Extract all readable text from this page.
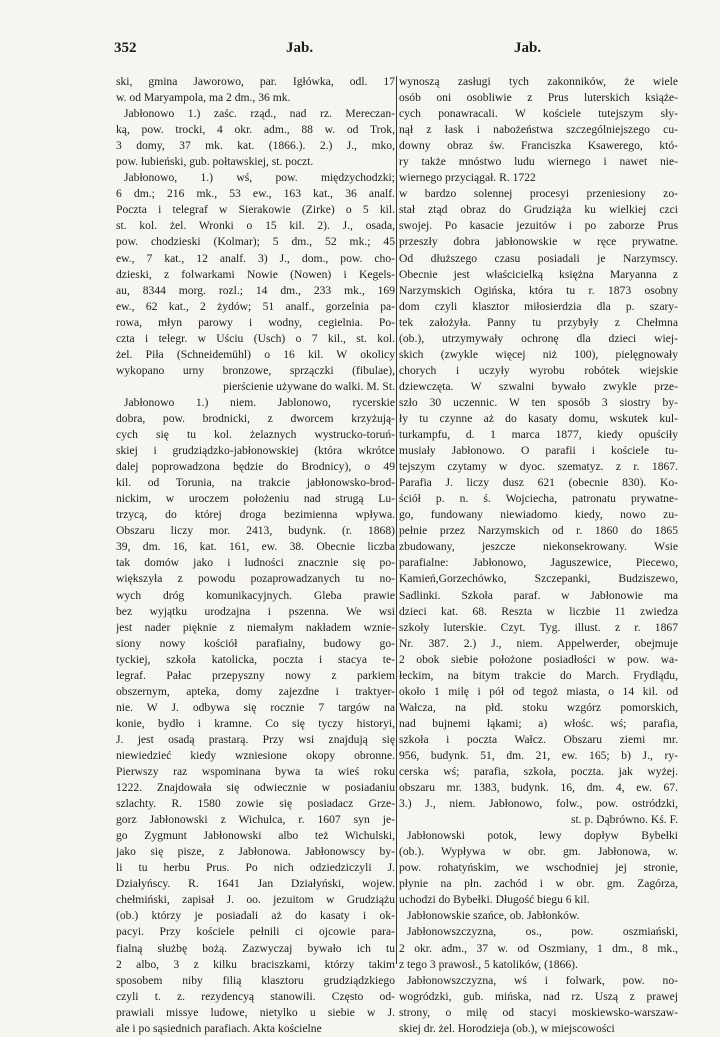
352	Jab.	Jab.
ski, gmina Jaworowo, par. Igłówka, odl. 17
w. od Maryampola, ma 2 dm., 36 mk.
Jabłonowo 1.) zaśc. rząd., nad rz. Mereczan-
ką, pow. trocki, 4 okr. adm., 88 w. od Trok,
3 domy, 37 mk. kat. (1866.). 2.) J., mko,
pow. łubieński, gub. połtawskiej, st. poczt.
Jabłonowo, 1.) wś, pow. międzychodzki;
6 dm.; 216 mk., 53 ew., 163 kat., 36 analf.
Poczta i telegraf w Sierakowie (Zirke) o 5 kil.
st. kol. żel. Wronki o 15 kil. 2). J., osada,
pow. chodzieski (Kolmar); 5 dm., 52 mk.; 45
ew., 7 kat., 12 analf. 3) J., dom., pow. cho-
dzieski, z folwarkami Nowie (Nowen) i Kegels-
au, 8344 morg. rozl.; 14 dm., 233 mk., 169
ew., 62 kat., 2 żydów; 51 analf., gorzelnia pa-
rowa, młyn parowy i wodny, cegielnia. Po-
czta i telegr. w Uściu (Usch) o 7 kil., st. kol.
żel. Piła (Schneidemühl) o 16 kil. W okolicy
wykopano urny bronzowe, sprzączki (fibulae),
pierścienie używane do walki. M. St.
Jabłonowo 1.) niem. Jablonowo, rycerskie
dobra, pow. brodnicki, z dworcem krzyżują-
cych się tu kol. żelaznych wystrucko-toruń-
skiej i grudziądzko-jabłonowskiej (która wkrótce
dalej poprowadzona będzie do Brodnicy), o 49
kil. od Torunia, na trakcie jabłonowsko-brod-
nickim, w uroczem położeniu nad strugą Lu-
trzycą, do której droga bezimienna wpływa.
Obszaru liczy mor. 2413, budynk. (r. 1868)
39, dm. 16, kat. 161, ew. 38. Obecnie liczba
tak domów jako i ludności znacznie się po-
większyła z powodu pozaprowadzanych tu no-
wych dróg komunikacyjnych. Gleba prawie
bez wyjątku urodzajna i pszenna. We wsi
jest nader pięknie z niemałym nakładem wznie-
siony nowy kościół parafialny, budowy go-
tyckiej, szkoła katolicka, poczta i stacya te-
legraf. Pałac przepyszny nowy z parkiem
obszernym, apteka, domy zajezdne i traktyer-
nie. W J. odbywa się rocznie 7 targów na
konie, bydło i kramne. Co się tyczy historyi,
J. jest osadą prastarą. Przy wsi znajdują się
niewiedzieć kiedy wzniesione okopy obronne.
Pierwszy raz wspominana bywa ta wieś roku
1222. Znajdowała się odwiecznie w posiadaniu
szlachty. R. 1580 zowie się posiadacz Grze-
gorz Jabłonowski z Wichulca, r. 1607 syn je-
go Zygmunt Jabłonowski albo też Wichulski,
jako się pisze, z Jabłonowa. Jabłonowscy by-
li tu herbu Prus. Po nich odziedziczyli J.
Działyńscy. R. 1641 Jan Działyński, wojew.
chełmiński, zapisał J. oo. jezuitom w Grudziążu
(ob.) którzy je posiadali aż do kasaty i ok-
pacyi. Przy kościele pełnili ci ojcowie para-
fialną służbę bożą. Zazwyczaj bywało ich tu
2 albo, 3 z kilku braciszkami, którzy takim
sposobem niby filią klasztoru grudziądzkiego
czyli t. z. rezydencyą stanowili. Często od-
prawiali missye ludowe, nietylko u siebie w J.
ale i po sąsiednich parafiach. Akta kościelne
wynoszą zasługi tych zakonników, że wiele
osób oni osobliwie z Prus luterskich książe-
cych ponawracali. W kościele tutejszym sły-
nął z łask i nabożeństwa szczególniejszego cu-
downy obraz św. Franciszka Ksawerego, któ-
ry także mnóstwo ludu wiernego i nawet nie-
wiernego przyciągał. R. 1722
w bardzo solennej procesyi przeniesiony zo-
stał ztąd obraz do Grudziąża ku wielkiej czci
swojej. Po kasacie jezuitów i po zaborze Prus
przeszły dobra jabłonowskie w ręce prywatne.
Od dłuższego czasu posiadali je Narzymscy.
Obecnie jest właścicielką księżna Maryanna z
Narzymskich Ogińska, która tu r. 1873 osobny
dom czyli klasztor miłosierdzia dla p. szary-
tek założyła. Panny tu przybyły z Chełmna
(ob.), utrzymywały ochronę dla dzieci wiej-
skich (zwykle więcej niż 100), pielęgnowały
chorych i uczyły wyrobu robótek wiejskie
dziewczęta. W szwalni bywało zwykle prze-
szło 30 uczennic. W ten sposób 3 siostry by-
ły tu czynne aż do kasaty domu, wskutek kul-
turkampfu, d. 1 marca 1877, kiedy opuściły
musiały Jabłonowo. O parafii i kościele tu-
tejszym czytamy w dyoc. szematyz. z r. 1867.
Parafia J. liczy dusz 621 (obecnie 830). Ko-
ściół p. n. ś. Wojciecha, patronatu prywatne-
go, fundowany niewiadomo kiedy, nowo zu-
pełnie przez Narzymskich od r. 1860 do 1865
zbudowany, jeszcze niekonsekrowany. Wsie
parafialne: Jabłonowo, Jaguszewice, Piecewo,
Kamień,Gorzechówko, Szczepanki, Budziszewo,
Sadlinki. Szkoła paraf. w Jabłonowie ma
dzieci kat. 68. Reszta w liczbie 11 zwiedza
szkoły luterskie. Czyt. Tyg. illust. z r. 1867
Nr. 387. 2.) J., niem. Appelwerder, obejmuje
2 obok siebie położone posiadłości w pow. wa-
łeckim, na bitym trakcie do March. Frydlądu,
około 1 milę i pół od tegoż miasta, o 14 kil. od
Wałcza, na płd. stoku wzgórz pomorskich,
nad bujnemi łąkami; a) włośc. wś; parafia,
szkoła i poczta Wałcz. Obszaru ziemi mr.
956, budynk. 51, dm. 21, ew. 165; b) J., ry-
cerska wś; parafia, szkoła, poczta. jak wyżej.
obszaru mr. 1383, budynk. 16, dm. 4, ew. 67.
3.) J., niem. Jabłonowo, folw., pow. ostródzki,
st. p. Dąbrówno. Kś. F.
Jabłonowski potok, lewy dopływ Bybełki
(ob.). Wypływa w obr. gm. Jabłonowa, w.
pow. rohatyńskim, we wschodniej jej stronie,
płynie na płn. zachód i w obr. gm. Zagórza,
uchodzi do Bybełki. Długość biegu 6 kil.
Jabłonowskie szańce, ob. Jabłonków.
Jabłonowszczyzna, os., pow. oszmiański,
2 okr. adm., 37 w. od Oszmiany, 1 dm., 8 mk.,
z tego 3 prawosł., 5 katolików, (1866).
Jabłonowszczyzna, wś i folwark, pow. no-
wogródzki, gub. mińska, nad rz. Uszą z prawej
strony, o milę od stacyi moskiewsko-warszaw-
skiej dr. żel. Horodzieja (ob.), w miejscowości
